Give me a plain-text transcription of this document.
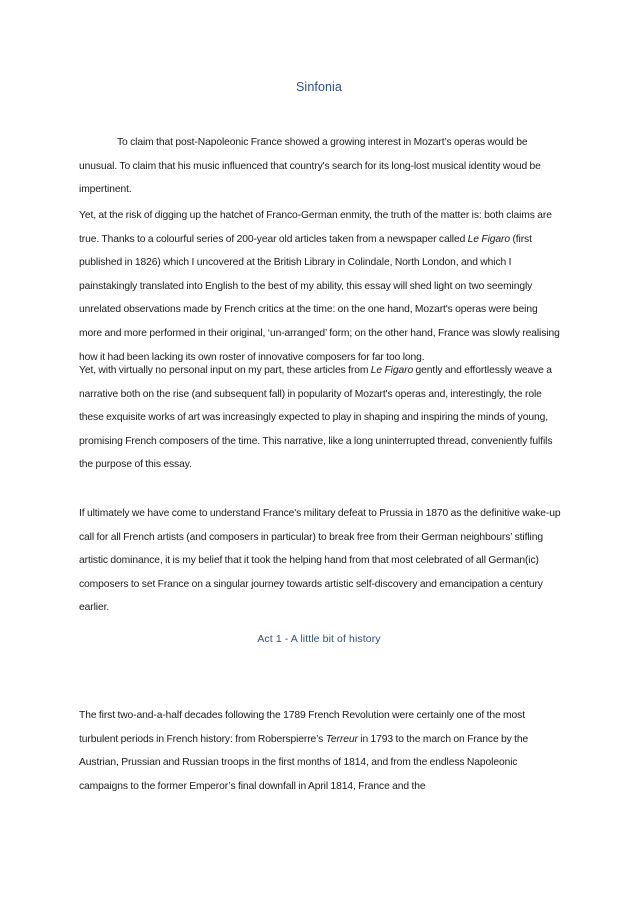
Sinfonia

To claim that post-Napoleonic France showed a growing interest in Mozart’s operas would be unusual. To claim that his music influenced that country's search for its long-lost musical identity woud be impertinent.

Yet, at the risk of digging up the hatchet of Franco-German enmity, the truth of the matter is: both claims are true. Thanks to a colourful series of 200-year old articles taken from a newspaper called Le Figaro (first published in 1826) which I uncovered at the British Library in Colindale, North London, and which I painstakingly translated into English to the best of my ability, this essay will shed light on two seemingly unrelated observations made by French critics at the time: on the one hand, Mozart's operas were being more and more performed in their original, ‘un-arranged’ form; on the other hand, France was slowly realising how it had been lacking its own roster of innovative composers for far too long.

Yet, with virtually no personal input on my part, these articles from Le Figaro gently and effortlessly weave a narrative both on the rise (and subsequent fall) in popularity of Mozart's operas and, interestingly, the role these exquisite works of art was increasingly expected to play in shaping and inspiring the minds of young, promising French composers of the time. This narrative, like a long uninterrupted thread, conveniently fulfils the purpose of this essay.

If ultimately we have come to understand France's military defeat to Prussia in 1870 as the definitive wake-up call for all French artists (and composers in particular) to break free from their German neighbours’ stifling artistic dominance, it is my belief that it took the helping hand from that most celebrated of all German(ic) composers to set France on a singular journey towards artistic self-discovery and emancipation a century earlier.

Act 1 - A little bit of history

The first two-and-a-half decades following the 1789 French Revolution were certainly one of the most turbulent periods in French history: from Roberspierre’s Terreur in 1793 to the march on France by the Austrian, Prussian and Russian troops in the first months of 1814, and from the endless Napoleonic campaigns to the former Emperor’s final downfall in April 1814, France and the
